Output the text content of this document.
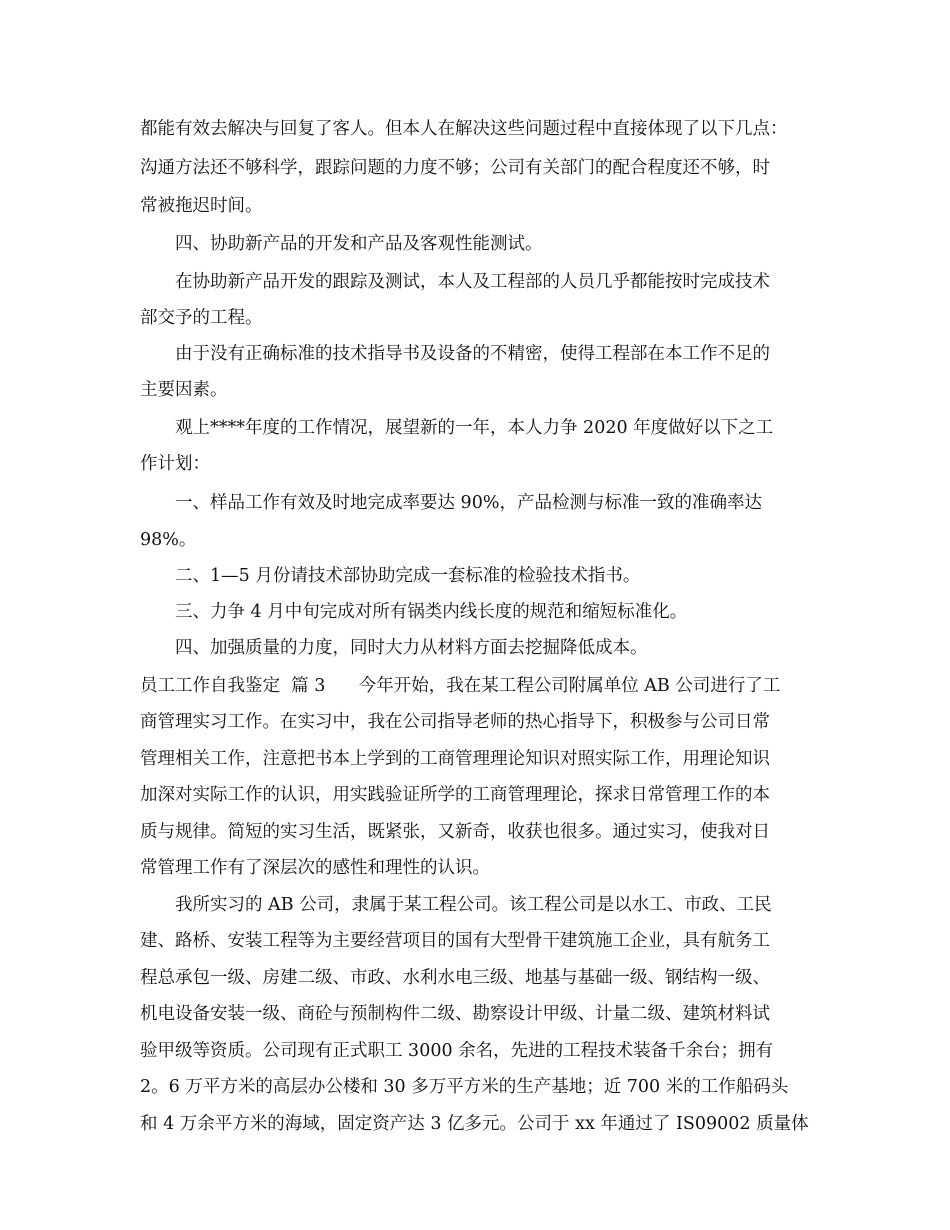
都能有效去解决与回复了客人。但本人在解决这些问题过程中直接体现了以下几点：
沟通方法还不够科学，跟踪问题的力度不够；公司有关部门的配合程度还不够，时
常被拖迟时间。
四、协助新产品的开发和产品及客观性能测试。
在协助新产品开发的跟踪及测试，本人及工程部的人员几乎都能按时完成技术
部交予的工程。
由于没有正确标准的技术指导书及设备的不精密，使得工程部在本工作不足的
主要因素。
观上****年度的工作情况，展望新的一年，本人力争 2020 年度做好以下之工
作计划：
一、样品工作有效及时地完成率要达 90%，产品检测与标准一致的准确率达
98%。
二、1—5 月份请技术部协助完成一套标准的检验技术指书。
三、力争 4 月中旬完成对所有锅类内线长度的规范和缩短标准化。
四、加强质量的力度，同时大力从材料方面去挖掘降低成本。
员工工作自我鉴定  篇 3      今年开始，我在某工程公司附属单位 AB 公司进行了工
商管理实习工作。在实习中，我在公司指导老师的热心指导下，积极参与公司日常
管理相关工作，注意把书本上学到的工商管理理论知识对照实际工作，用理论知识
加深对实际工作的认识，用实践验证所学的工商管理理论，探求日常管理工作的本
质与规律。简短的实习生活，既紧张，又新奇，收获也很多。通过实习，使我对日
常管理工作有了深层次的感性和理性的认识。
我所实习的 AB 公司，隶属于某工程公司。该工程公司是以水工、市政、工民
建、路桥、安装工程等为主要经营项目的国有大型骨干建筑施工企业，具有航务工
程总承包一级、房建二级、市政、水利水电三级、地基与基础一级、钢结构一级、
机电设备安装一级、商砼与预制构件二级、勘察设计甲级、计量二级、建筑材料试
验甲级等资质。公司现有正式职工 3000 余名，先进的工程技术装备千余台；拥有
2。6 万平方米的高层办公楼和 30 多万平方米的生产基地；近 700 米的工作船码头
和 4 万余平方米的海域，固定资产达 3 亿多元。公司于 xx 年通过了 IS09002 质量体
